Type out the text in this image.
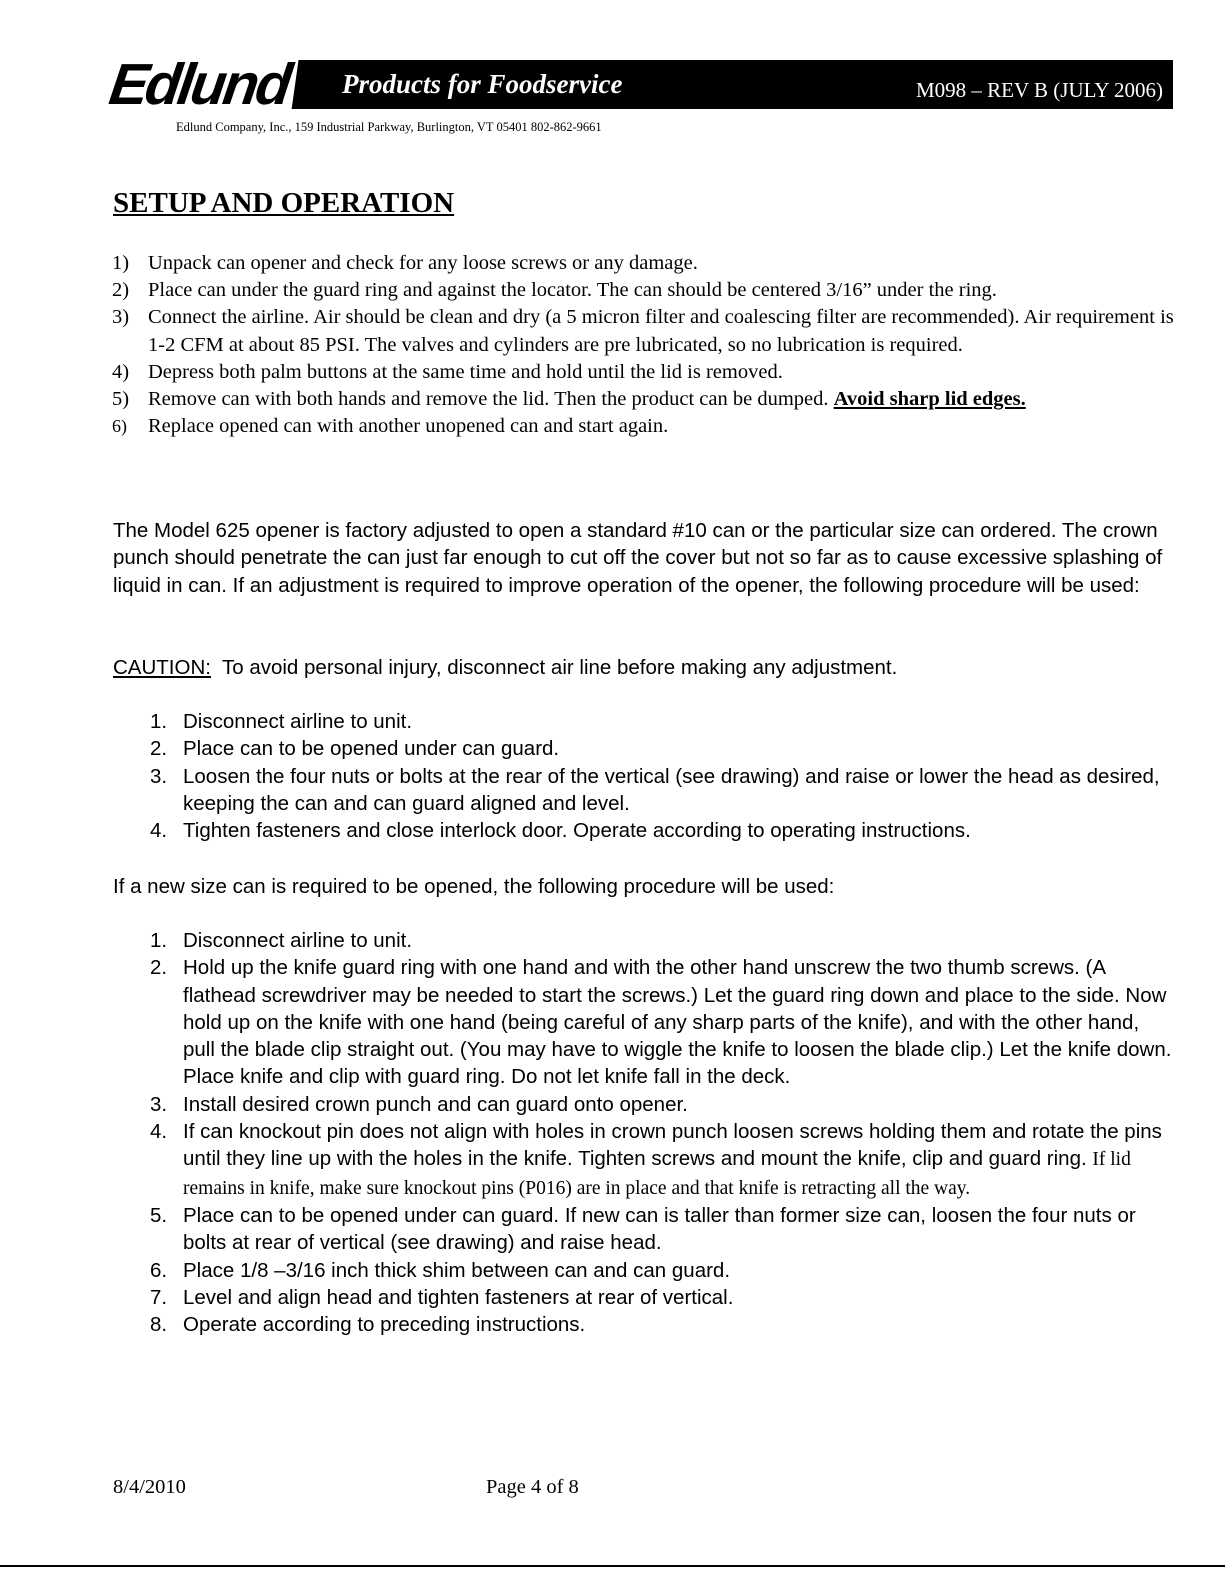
Edlund Products for Foodservice	M098 – REV B (JULY 2006)
Edlund Company, Inc., 159 Industrial Parkway, Burlington, VT 05401 802-862-9661
SETUP AND OPERATION
1) Unpack can opener and check for any loose screws or any damage.
2) Place can under the guard ring and against the locator. The can should be centered 3/16” under the ring.
3) Connect the airline. Air should be clean and dry (a 5 micron filter and coalescing filter are recommended). Air requirement is 1-2 CFM at about 85 PSI. The valves and cylinders are pre lubricated, so no lubrication is required.
4) Depress both palm buttons at the same time and hold until the lid is removed.
5) Remove can with both hands and remove the lid. Then the product can be dumped. Avoid sharp lid edges.
6)	Replace opened can with another unopened can and start again.

The Model 625 opener is factory adjusted to open a standard #10 can or the particular size can ordered. The crown punch should penetrate the can just far enough to cut off the cover but not so far as to cause excessive splashing of liquid in can. If an adjustment is required to improve operation of the opener, the following procedure will be used:

CAUTION:  To avoid personal injury, disconnect air line before making any adjustment.

1. Disconnect airline to unit.
2. Place can to be opened under can guard.
3. Loosen the four nuts or bolts at the rear of the vertical (see drawing) and raise or lower the head as desired, keeping the can and can guard aligned and level.
4. Tighten fasteners and close interlock door. Operate according to operating instructions.

If a new size can is required to be opened, the following procedure will be used:

1. Disconnect airline to unit.
2. Hold up the knife guard ring with one hand and with the other hand unscrew the two thumb screws. (A flathead screwdriver may be needed to start the screws.) Let the guard ring down and place to the side. Now hold up on the knife with one hand (being careful of any sharp parts of the knife), and with the other hand, pull the blade clip straight out. (You may have to wiggle the knife to loosen the blade clip.) Let the knife down. Place knife and clip with guard ring. Do not let knife fall in the deck.
3. Install desired crown punch and can guard onto opener.
4. If can knockout pin does not align with holes in crown punch loosen screws holding them and rotate the pins until they line up with the holes in the knife. Tighten screws and mount the knife, clip and guard ring. If lid remains in knife, make sure knockout pins (P016) are in place and that knife is retracting all the way.
5. Place can to be opened under can guard. If new can is taller than former size can, loosen the four nuts or bolts at rear of vertical (see drawing) and raise head.
6. Place 1/8 –3/16 inch thick shim between can and can guard.
7. Level and align head and tighten fasteners at rear of vertical.
8. Operate according to preceding instructions.
8/4/2010	Page 4 of 8
